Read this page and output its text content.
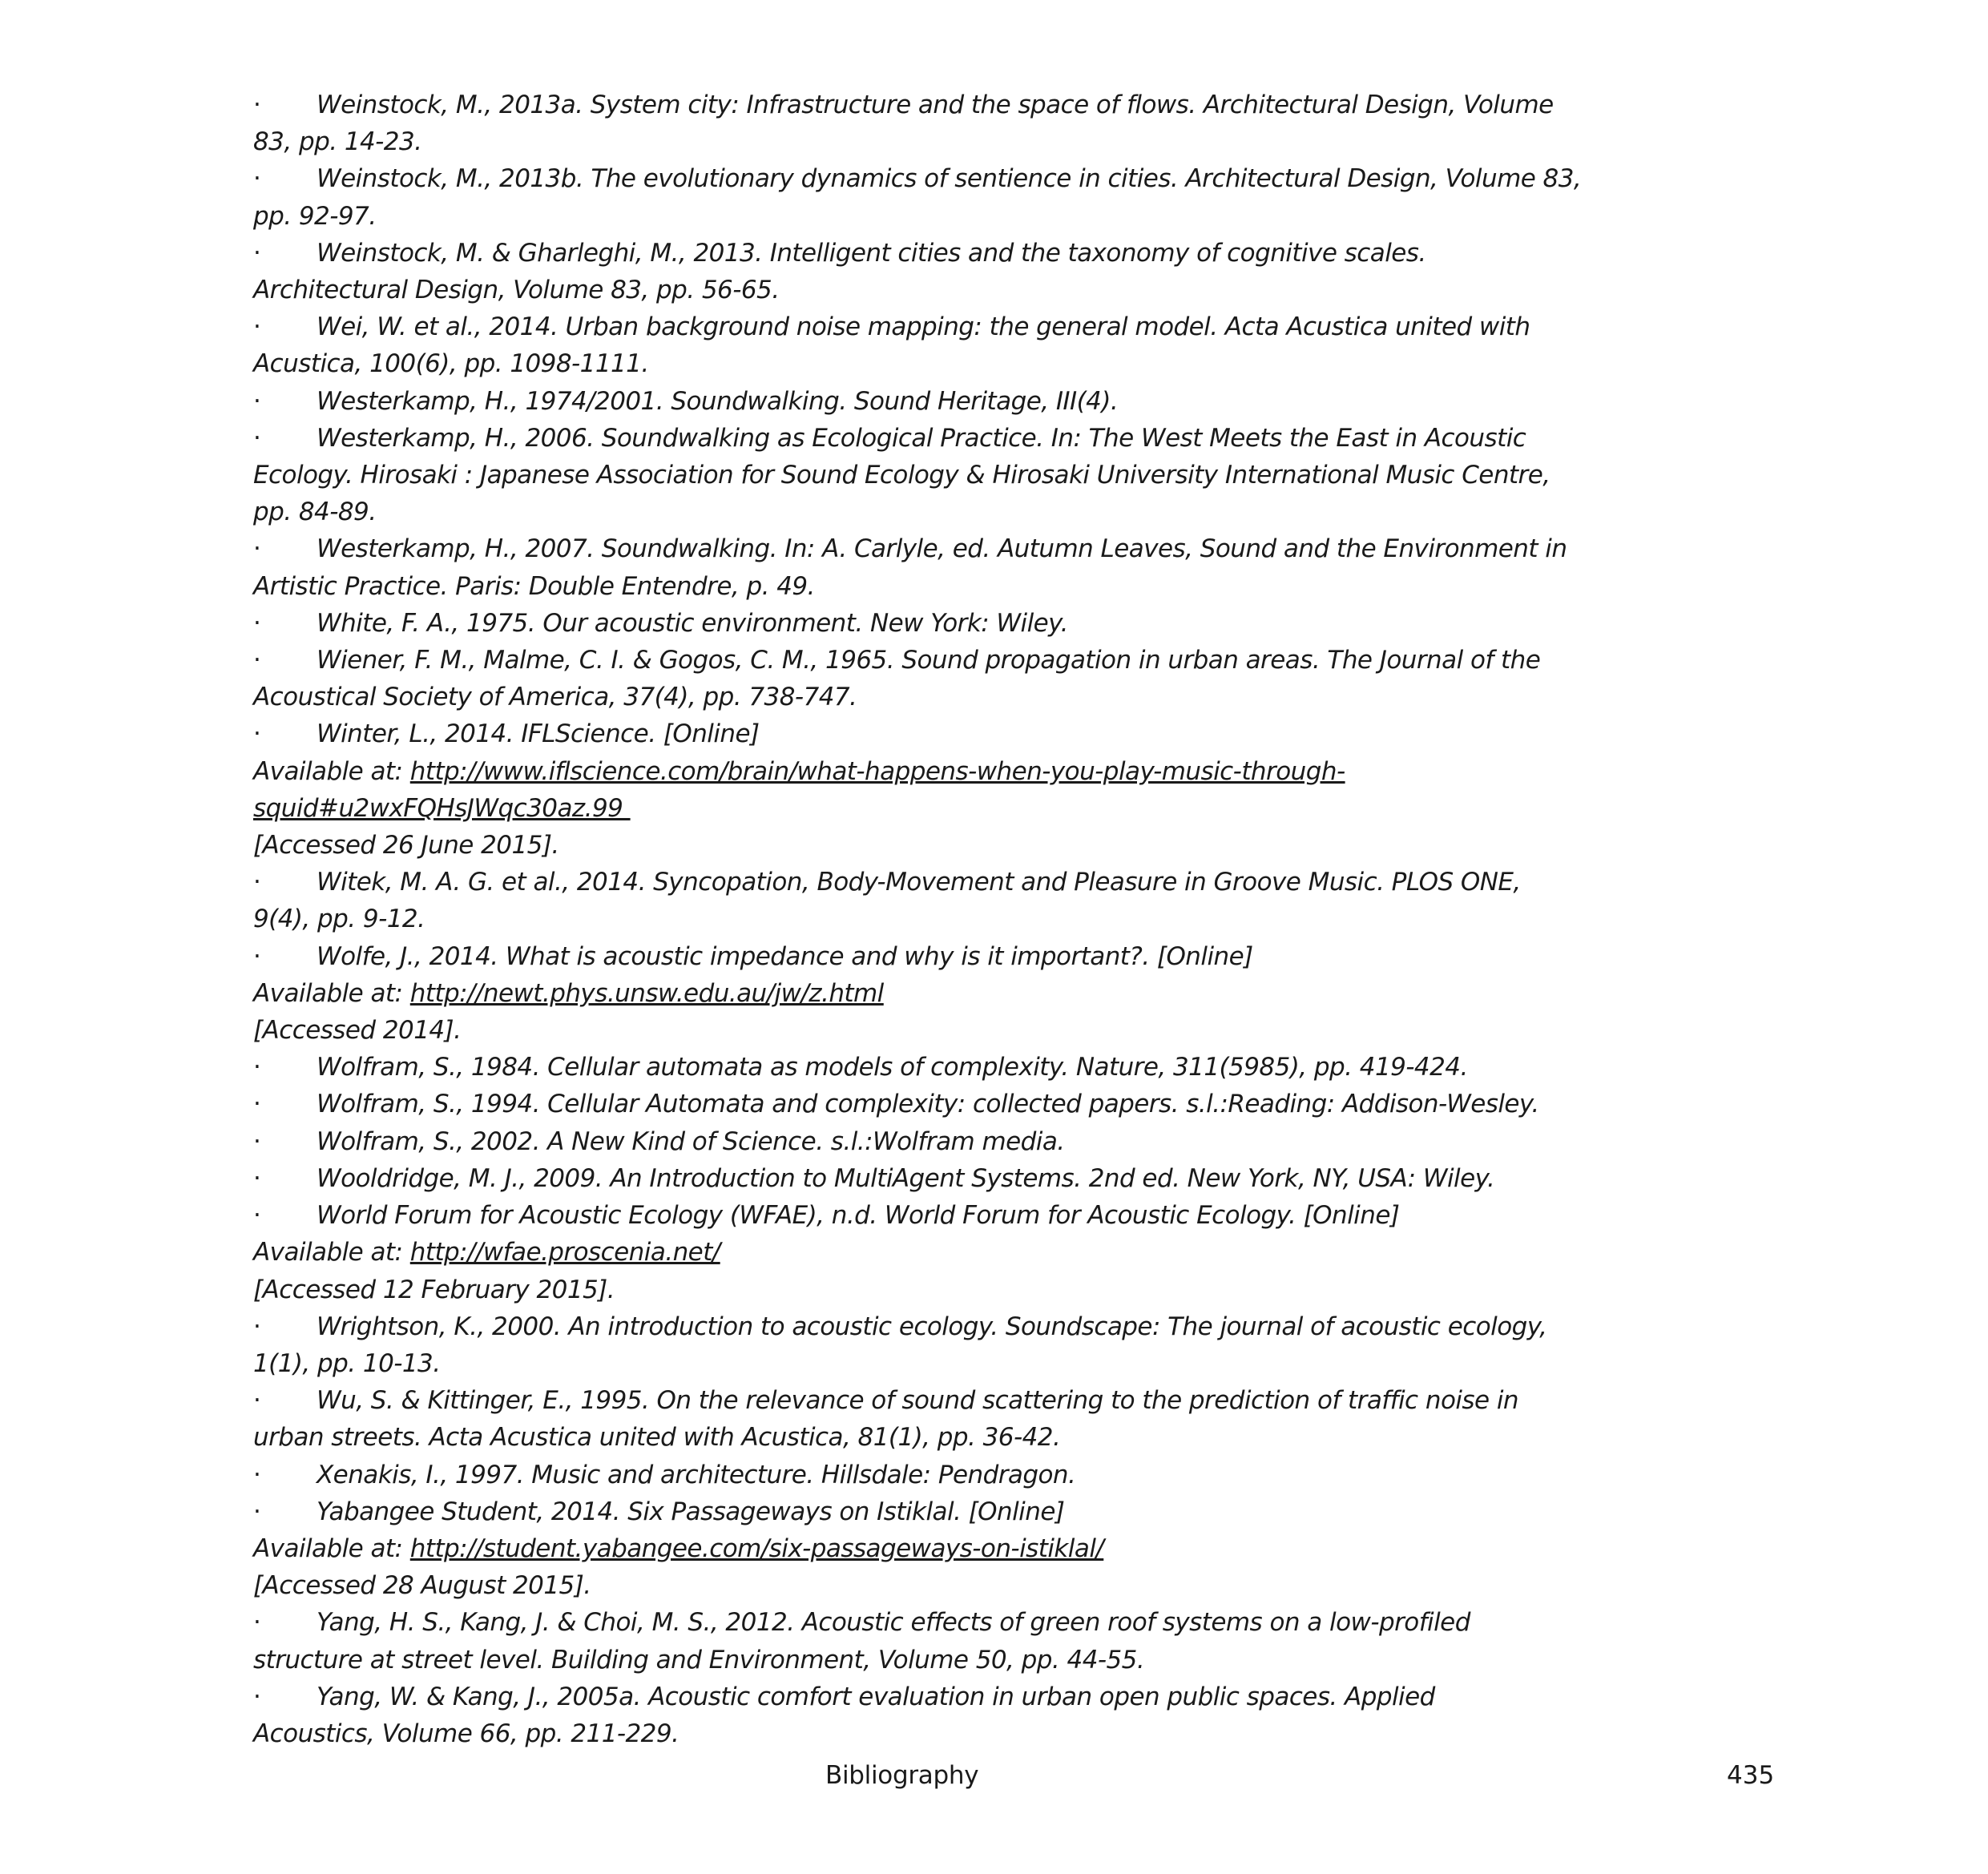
· Weinstock, M., 2013a. System city: Infrastructure and the space of flows. Architectural Design, Volume
83, pp. 14-23.
· Weinstock, M., 2013b. The evolutionary dynamics of sentience in cities. Architectural Design, Volume 83,
pp. 92-97.
· Weinstock, M. & Gharleghi, M., 2013. Intelligent cities and the taxonomy of cognitive scales.
Architectural Design, Volume 83, pp. 56-65.
· Wei, W. et al., 2014. Urban background noise mapping: the general model. Acta Acustica united with
Acustica, 100(6), pp. 1098-1111.
· Westerkamp, H., 1974/2001. Soundwalking. Sound Heritage, III(4).
· Westerkamp, H., 2006. Soundwalking as Ecological Practice. In: The West Meets the East in Acoustic
Ecology. Hirosaki : Japanese Association for Sound Ecology & Hirosaki University International Music Centre,
pp. 84-89.
· Westerkamp, H., 2007. Soundwalking. In: A. Carlyle, ed. Autumn Leaves, Sound and the Environment in
Artistic Practice. Paris: Double Entendre, p. 49.
· White, F. A., 1975. Our acoustic environment. New York: Wiley.
· Wiener, F. M., Malme, C. I. & Gogos, C. M., 1965. Sound propagation in urban areas. The Journal of the
Acoustical Society of America, 37(4), pp. 738-747.
· Winter, L., 2014. IFLScience. [Online]
Available at: http://www.iflscience.com/brain/what-happens-when-you-play-music-through-
squid#u2wxFQHsJWqc30az.99
[Accessed 26 June 2015].
· Witek, M. A. G. et al., 2014. Syncopation, Body-Movement and Pleasure in Groove Music. PLOS ONE,
9(4), pp. 9-12.
· Wolfe, J., 2014. What is acoustic impedance and why is it important?. [Online]
Available at: http://newt.phys.unsw.edu.au/jw/z.html
[Accessed 2014].
· Wolfram, S., 1984. Cellular automata as models of complexity. Nature, 311(5985), pp. 419-424.
· Wolfram, S., 1994. Cellular Automata and complexity: collected papers. s.l.:Reading: Addison-Wesley.
· Wolfram, S., 2002. A New Kind of Science. s.l.:Wolfram media.
· Wooldridge, M. J., 2009. An Introduction to MultiAgent Systems. 2nd ed. New York, NY, USA: Wiley.
· World Forum for Acoustic Ecology (WFAE), n.d. World Forum for Acoustic Ecology. [Online]
Available at: http://wfae.proscenia.net/
[Accessed 12 February 2015].
· Wrightson, K., 2000. An introduction to acoustic ecology. Soundscape: The journal of acoustic ecology,
1(1), pp. 10-13.
· Wu, S. & Kittinger, E., 1995. On the relevance of sound scattering to the prediction of traffic noise in
urban streets. Acta Acustica united with Acustica, 81(1), pp. 36-42.
· Xenakis, I., 1997. Music and architecture. Hillsdale: Pendragon.
· Yabangee Student, 2014. Six Passageways on Istiklal. [Online]
Available at: http://student.yabangee.com/six-passageways-on-istiklal/
[Accessed 28 August 2015].
· Yang, H. S., Kang, J. & Choi, M. S., 2012. Acoustic effects of green roof systems on a low-profiled
structure at street level. Building and Environment, Volume 50, pp. 44-55.
· Yang, W. & Kang, J., 2005a. Acoustic comfort evaluation in urban open public spaces. Applied
Acoustics, Volume 66, pp. 211-229.
Bibliography	435
